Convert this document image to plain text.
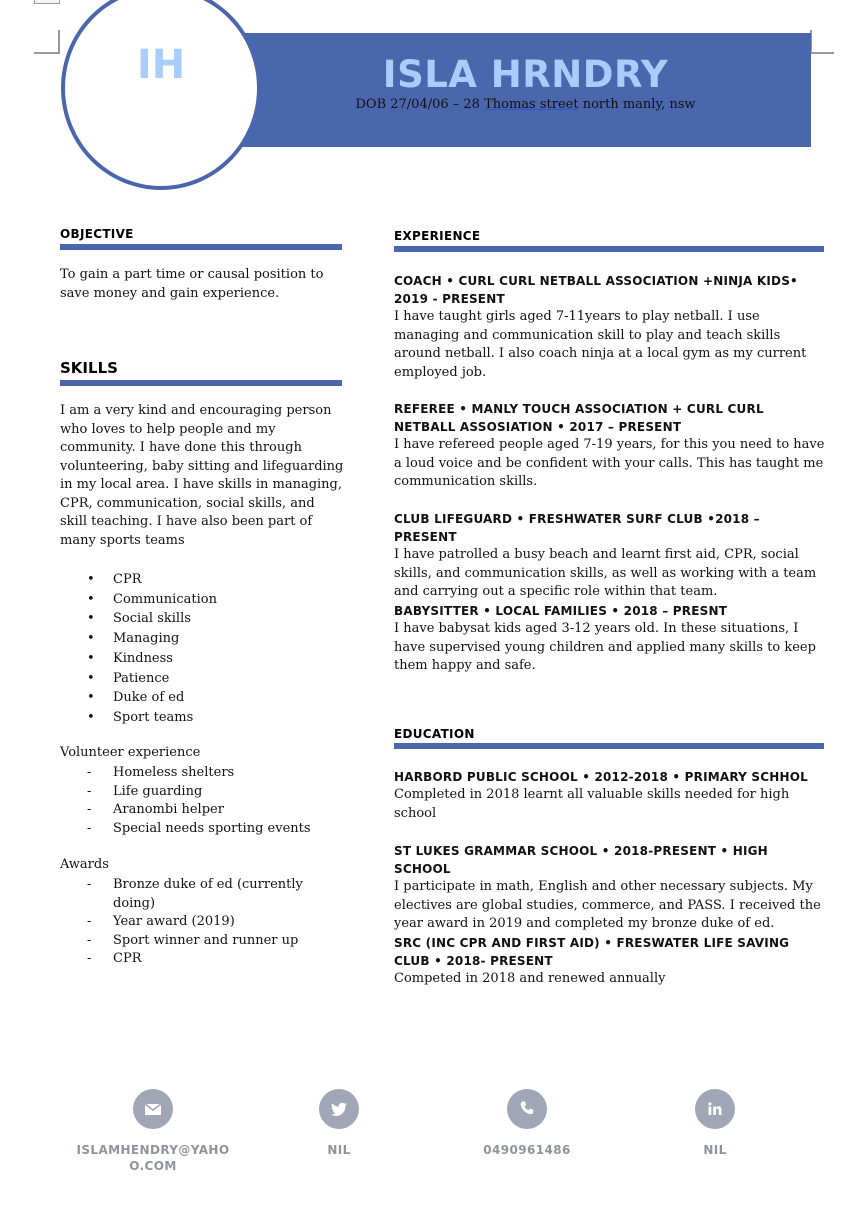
ISLA HRNDRY
DOB 27/04/06 – 28 Thomas street north manly, nsw
IH
OBJECTIVE
To gain a part time or causal position to save money and gain experience.
SKILLS
I am a very kind and encouraging person who loves to help people and my community. I have done this through volunteering, baby sitting and lifeguarding in my local area. I have skills in managing, CPR, communication, social skills, and skill teaching. I have also been part of many sports teams
• CPR
• Communication
• Social skills
• Managing
• Kindness
• Patience
• Duke of ed
• Sport teams
Volunteer experience
- Homeless shelters
- Life guarding
- Aranombi helper
- Special needs sporting events
Awards
- Bronze duke of ed (currently doing)
- Year award (2019)
- Sport winner and runner up
- CPR
EXPERIENCE
COACH • CURL CURL NETBALL ASSOCIATION +NINJA KIDS• 2019 - PRESENT
I have taught girls aged 7-11years to play netball. I use managing and communication skill to play and teach skills around netball. I also coach ninja at a local gym as my current employed job.
REFEREE • MANLY TOUCH ASSOCIATION + CURL CURL NETBALL ASSOSIATION • 2017 – PRESENT
I have refereed people aged 7-19 years, for this you need to have a loud voice and be confident with your calls. This has taught me communication skills.
CLUB LIFEGUARD • FRESHWATER SURF CLUB •2018 – PRESENT
I have patrolled a busy beach and learnt first aid, CPR, social skills, and communication skills, as well as working with a team and carrying out a specific role within that team.
BABYSITTER • LOCAL FAMILIES • 2018 – PRESNT
I have babysat kids aged 3-12 years old. In these situations, I have supervised young children and applied many skills to keep them happy and safe.
EDUCATION
HARBORD PUBLIC SCHOOL • 2012-2018 • PRIMARY SCHHOL
Completed in 2018 learnt all valuable skills needed for high school
ST LUKES GRAMMAR SCHOOL • 2018-PRESENT • HIGH SCHOOL
I participate in math, English and other necessary subjects. My electives are global studies, commerce, and PASS. I received the year award in 2019 and completed my bronze duke of ed.
SRC (INC CPR AND FIRST AID) • FRESWATER LIFE SAVING CLUB • 2018- PRESENT
Competed in 2018 and renewed annually
ISLAMHENDRY@YAHOO.COM
NIL	0490961486	NIL
